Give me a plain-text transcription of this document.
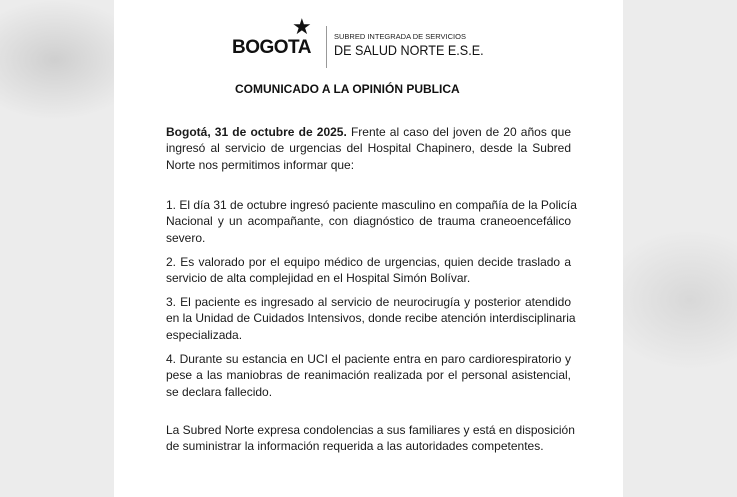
BOGOTA
★	SUBRED INTEGRADA DE SERVICIOS
DE SALUD NORTE E.S.E.
COMUNICADO A LA OPINIÓN PUBLICA
Bogotá, 31 de octubre de 2025. Frente al caso del joven de 20 años que
ingresó al servicio de urgencias del Hospital Chapinero, desde la Subred
Norte nos permitimos informar que:
1. El día 31 de octubre ingresó paciente masculino en compañía de la Policía
Nacional y un acompañante, con diagnóstico de trauma craneoencefálico
severo.
2. Es valorado por el equipo médico de urgencias, quien decide traslado a
servicio de alta complejidad en el Hospital Simón Bolívar.
3. El paciente es ingresado al servicio de neurocirugía y posterior atendido
en la Unidad de Cuidados Intensivos, donde recibe atención interdisciplinaria
especializada.
4. Durante su estancia en UCI el paciente entra en paro cardiorespiratorio y
pese a las maniobras de reanimación realizada por el personal asistencial,
se declara fallecido.
La Subred Norte expresa condolencias a sus familiares y está en disposición
de suministrar la información requerida a las autoridades competentes.
